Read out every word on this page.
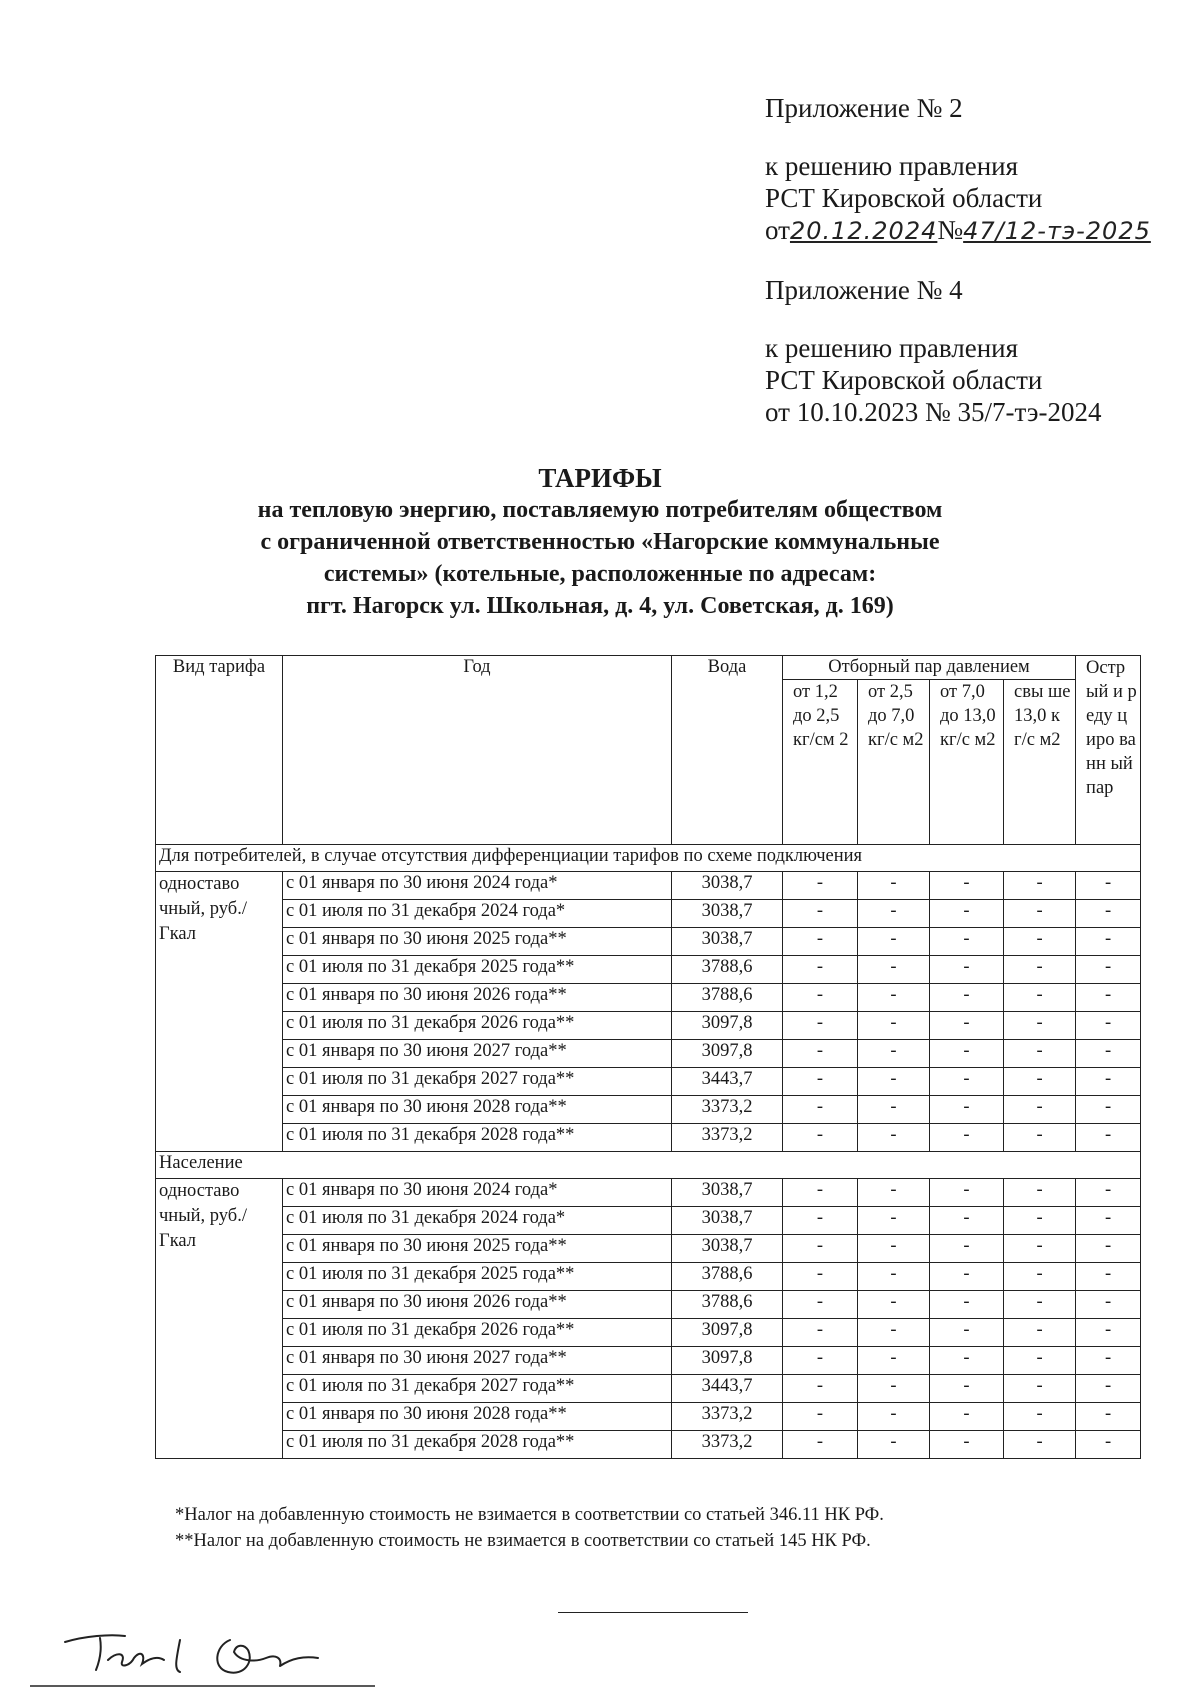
Приложение № 2
к решению правления
РСТ Кировской области
от20.12.2024№47/12-тэ-2025
Приложение № 4
к решению правления
РСТ Кировской области
от 10.10.2023 № 35/7-тэ-2024
ТАРИФЫ
на тепловую энергию, поставляемую потребителям обществом
с ограниченной ответственностью «Нагорские коммунальные
системы» (котельные, расположенные по адресам:
пгт. Нагорск ул. Школьная, д. 4, ул. Советская, д. 169)
Вид тарифа	Год	Вода	Отборный пар давлением				Остр ый и реду циро ванн ый пар
			от 1,2 до 2,5 кг/см 2	от 2,5 до 7,0 кг/с м2	от 7,0 до 13,0 кг/с м2	свы ше 13,0 кг/с м2	
Для потребителей, в случае отсутствия дифференциации тарифов по схеме подключения							
одноставо чный, руб./Гкал	с 01 января по 30 июня 2024 года*	3038,7	-	-	-	-	-
	с 01 июля по 31 декабря 2024 года*	3038,7	-	-	-	-	-
	с 01 января по 30 июня 2025 года**	3038,7	-	-	-	-	-
	с 01 июля по 31 декабря 2025 года**	3788,6	-	-	-	-	-
	с 01 января по 30 июня 2026 года**	3788,6	-	-	-	-	-
	с 01 июля по 31 декабря 2026 года**	3097,8	-	-	-	-	-
	с 01 января по 30 июня 2027 года**	3097,8	-	-	-	-	-
	с 01 июля по 31 декабря 2027 года**	3443,7	-	-	-	-	-
	с 01 января по 30 июня 2028 года**	3373,2	-	-	-	-	-
	с 01 июля по 31 декабря 2028 года**	3373,2	-	-	-	-	-
Население							
одноставо чный, руб./Гкал	с 01 января по 30 июня 2024 года*	3038,7	-	-	-	-	-
	с 01 июля по 31 декабря 2024 года*	3038,7	-	-	-	-	-
	с 01 января по 30 июня 2025 года**	3038,7	-	-	-	-	-
	с 01 июля по 31 декабря 2025 года**	3788,6	-	-	-	-	-
	с 01 января по 30 июня 2026 года**	3788,6	-	-	-	-	-
	с 01 июля по 31 декабря 2026 года**	3097,8	-	-	-	-	-
	с 01 января по 30 июня 2027 года**	3097,8	-	-	-	-	-
	с 01 июля по 31 декабря 2027 года**	3443,7	-	-	-	-	-
	с 01 января по 30 июня 2028 года**	3373,2	-	-	-	-	-
	с 01 июля по 31 декабря 2028 года**	3373,2	-	-	-	-	-
*Налог на добавленную стоимость не взимается в соответствии со статьей 346.11 НК РФ.
**Налог на добавленную стоимость не взимается в соответствии со статьей 145 НК РФ.
